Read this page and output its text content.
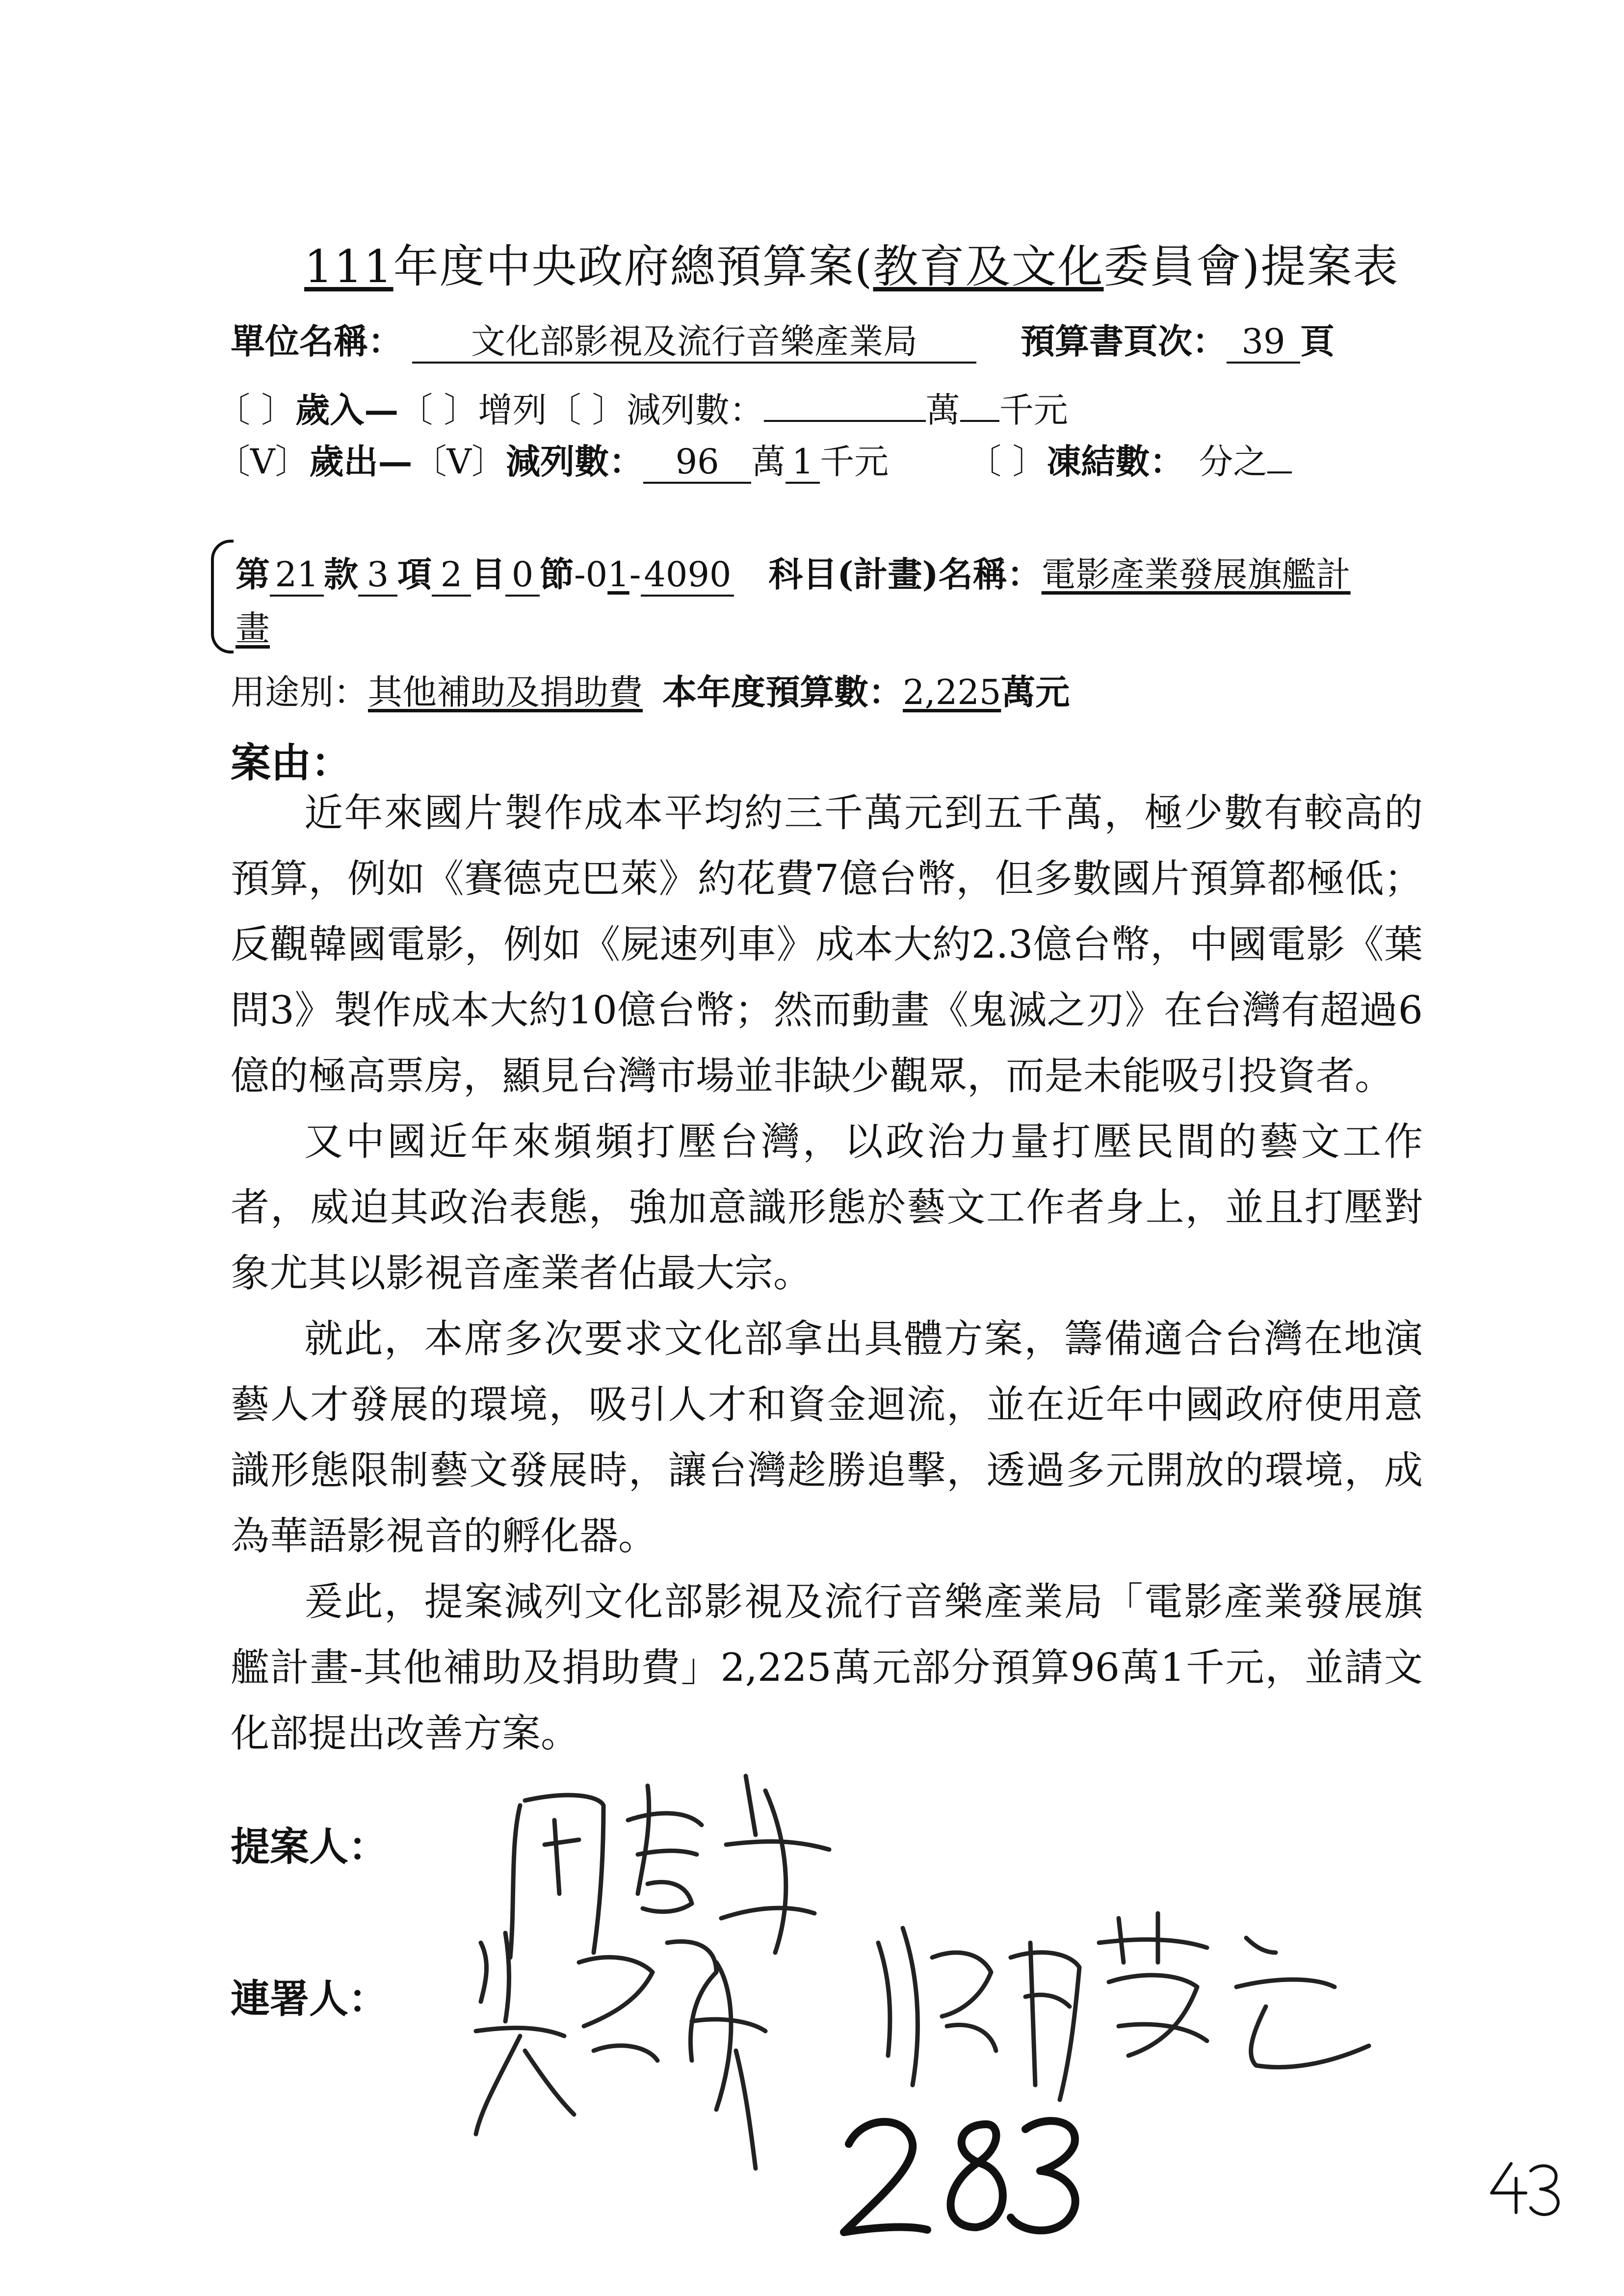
111年度中央政府總預算案(教育及文化委員會)提案表
單位名稱： 文化部影視及流行音樂產業局	預算書頁次： 39 頁
〔 〕歲入—〔 〕增列〔 〕減列數：	萬 千元
〔V〕歲出—〔V〕減列數： 96 萬 1 千元 〔 〕凍結數： 分之
第 21 款 3 項 2 目 0 節-01-4090 科目(計畫)名稱：電影產業發展旗艦計
畫
用途別：其他補助及捐助費 本年度預算數：2,225萬元
案由：

近年來國片製作成本平均約三千萬元到五千萬，極少數有較高的預算，例如《賽德克巴萊》約花費7億台幣，但多數國片預算都極低；反觀韓國電影，例如《屍速列車》成本大約2.3億台幣，中國電影《葉問3》製作成本大約10億台幣；然而動畫《鬼滅之刃》在台灣有超過6億的極高票房，顯見台灣市場並非缺少觀眾，而是未能吸引投資者。

又中國近年來頻頻打壓台灣，以政治力量打壓民間的藝文工作者，威迫其政治表態，強加意識形態於藝文工作者身上，並且打壓對象尤其以影視音產業者佔最大宗。

就此，本席多次要求文化部拿出具體方案，籌備適合台灣在地演藝人才發展的環境，吸引人才和資金迴流，並在近年中國政府使用意識形態限制藝文發展時，讓台灣趁勝追擊，透過多元開放的環境，成為華語影視音的孵化器。

爰此，提案減列文化部影視及流行音樂產業局「電影產業發展旗艦計畫-其他補助及捐助費」2,225萬元部分預算96萬1千元，並請文化部提出改善方案。

提案人：
連署人：
